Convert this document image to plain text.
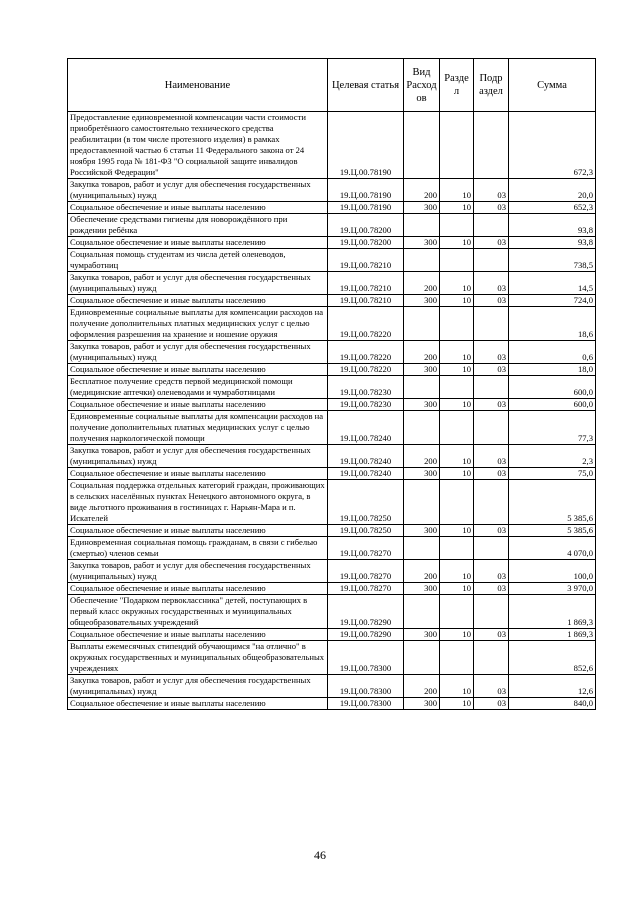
Наименование	Целевая статья	Вид Расход ов	Разде л	Подр аздел	Сумма
Предоставление единовременной компенсации части стоимости приобретённого самостоятельно технического средства реабилитации (в том числе протезного изделия) в рамках предоставленной частью 6 статьи 11 Федерального закона от 24 ноября 1995 года № 181-ФЗ "О социальной защите инвалидов Российской Федерации"	19.Ц.00.78190				672,3
Закупка товаров, работ и услуг для обеспечения государственных (муниципальных) нужд	19.Ц.00.78190	200	10	03	20,0
Социальное обеспечение и иные выплаты населению	19.Ц.00.78190	300	10	03	652,3
Обеспечение средствами гигиены для новорождённого при рождении ребёнка	19.Ц.00.78200				93,8
Социальное обеспечение и иные выплаты населению	19.Ц.00.78200	300	10	03	93,8
Социальная помощь студентам из числа детей оленеводов, чумработниц	19.Ц.00.78210				738,5
Закупка товаров, работ и услуг для обеспечения государственных (муниципальных) нужд	19.Ц.00.78210	200	10	03	14,5
Социальное обеспечение и иные выплаты населению	19.Ц.00.78210	300	10	03	724,0
Единовременные социальные выплаты для компенсации расходов на получение дополнительных платных медицинских услуг с целью оформления разрешения на хранение и ношение оружия	19.Ц.00.78220				18,6
Закупка товаров, работ и услуг для обеспечения государственных (муниципальных) нужд	19.Ц.00.78220	200	10	03	0,6
Социальное обеспечение и иные выплаты населению	19.Ц.00.78220	300	10	03	18,0
Бесплатное получение средств первой медицинской помощи (медицинские аптечки) оленеводами и чумработницами	19.Ц.00.78230				600,0
Социальное обеспечение и иные выплаты населению	19.Ц.00.78230	300	10	03	600,0
Единовременные социальные выплаты для компенсации расходов на получение дополнительных платных медицинских услуг с целью получения наркологической помощи	19.Ц.00.78240				77,3
Закупка товаров, работ и услуг для обеспечения государственных (муниципальных) нужд	19.Ц.00.78240	200	10	03	2,3
Социальное обеспечение и иные выплаты населению	19.Ц.00.78240	300	10	03	75,0
Социальная поддержка отдельных категорий граждан, проживающих в сельских населённых пунктах Ненецкого автономного округа, в виде льготного проживания в гостиницах г. Нарьян-Мара и п. Искателей	19.Ц.00.78250				5 385,6
Социальное обеспечение и иные выплаты населению	19.Ц.00.78250	300	10	03	5 385,6
Единовременная социальная помощь гражданам, в связи с гибелью (смертью) членов семьи	19.Ц.00.78270				4 070,0
Закупка товаров, работ и услуг для обеспечения государственных (муниципальных) нужд	19.Ц.00.78270	200	10	03	100,0
Социальное обеспечение и иные выплаты населению	19.Ц.00.78270	300	10	03	3 970,0
Обеспечение "Подарком первоклассника" детей, поступающих в первый класс окружных государственных и муниципальных общеобразовательных учреждений	19.Ц.00.78290				1 869,3
Социальное обеспечение и иные выплаты населению	19.Ц.00.78290	300	10	03	1 869,3
Выплаты ежемесячных стипендий обучающимся "на отлично" в окружных государственных и муниципальных общеобразовательных учреждениях	19.Ц.00.78300				852,6
Закупка товаров, работ и услуг для обеспечения государственных (муниципальных) нужд	19.Ц.00.78300	200	10	03	12,6
Социальное обеспечение и иные выплаты населению	19.Ц.00.78300	300	10	03	840,0
46
